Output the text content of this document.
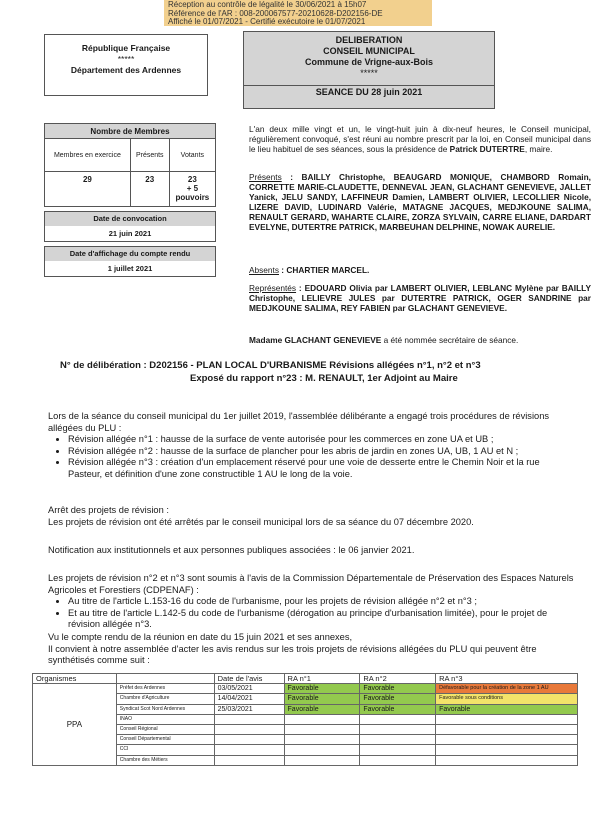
Réception au contrôle de légalité le 30/06/2021 à 15h07
Référence de l'AR : 008-200067577-20210628-D202156-DE
Affiché le 01/07/2021 - Certifié exécutoire le 01/07/2021
République Française
*****
Département des Ardennes
DELIBERATION
CONSEIL MUNICIPAL
Commune de Vrigne-aux-Bois
*****
SEANCE DU 28 juin 2021
Nombre de Membres		
Membres en exercice	Présents	Votants
29	23	23
+ 5
pouvoirs
Date de convocation
21 juin 2021
Date d'affichage du compte rendu
1 juillet 2021
L'an deux mille vingt et un, le vingt-huit juin à dix-neuf heures, le Conseil municipal, régulièrement convoqué, s'est réuni au nombre prescrit par la loi, en Conseil municipal dans le lieu habituel de ses séances, sous la présidence de Patrick DUTERTRE, maire.
Présents : BAILLY Christophe, BEAUGARD MONIQUE, CHAMBORD Romain, CORRETTE MARIE-CLAUDETTE, DENNEVAL JEAN, GLACHANT GENEVIEVE, JALLET Yanick, JELU SANDY, LAFFINEUR Damien, LAMBERT OLIVIER, LECOLLIER Nicole, LIZERE DAVID, LUDINARD Valérie, MATAGNE JACQUES, MEDJKOUNE SALIMA, RENAULT GERARD, WAHARTE CLAIRE, ZORZA SYLVAIN, CARRE ELIANE, DARDART EVELYNE, DUTERTRE PATRICK, MARBEUHAN DELPHINE, NOWAK AURELIE.
Absents : CHARTIER MARCEL.
Représentés : EDOUARD Olivia par LAMBERT OLIVIER, LEBLANC Mylène par BAILLY Christophe, LELIEVRE JULES par DUTERTRE PATRICK, OGER SANDRINE par MEDJKOUNE SALIMA, REY FABIEN par GLACHANT GENEVIEVE.
Madame GLACHANT GENEVIEVE a été nommée secrétaire de séance.
N° de délibération : D202156 - PLAN LOCAL D'URBANISME Révisions allégées n°1, n°2 et n°3
Exposé du rapport n°23 : M. RENAULT, 1er Adjoint au Maire
Lors de la séance du conseil municipal du 1er juillet 2019, l'assemblée délibérante a engagé trois procédures de révisions allégées du PLU :
• Révision allégée n°1 : hausse de la surface de vente autorisée pour les commerces en zone UA et UB ;
• Révision allégée n°2 : hausse de la surface de plancher pour les abris de jardin en zones UA, UB, 1 AU et N ;
• Révision allégée n°3 : création d'un emplacement réservé pour une voie de desserte entre le Chemin Noir et la rue Pasteur, et définition d'une zone constructible 1 AU le long de la voie.
Arrêt des projets de révision :
Les projets de révision ont été arrêtés par le conseil municipal lors de sa séance du 07 décembre 2020.
Notification aux institutionnels et aux personnes publiques associées : le 06 janvier 2021.
Les projets de révision n°2 et n°3 sont soumis à l'avis de la Commission Départementale de Préservation des Espaces Naturels Agricoles et Forestiers (CDPENAF) :
• Au titre de l'article L.153-16 du code de l'urbanisme, pour les projets de révision allégée n°2 et n°3 ;
• Et au titre de l'article L.142-5 du code de l'urbanisme (dérogation au principe d'urbanisation limitée), pour le projet de révision allégée n°3.
Vu le compte rendu de la réunion en date du 15 juin 2021 et ses annexes,
Il convient à notre assemblée d'acter les avis rendus sur les trois projets de révisions allégées du PLU qui peuvent être synthétisés comme suit :
Organismes		Date de l'avis	RA n°1	RA n°2	RA n°3
PPA	Préfet des Ardennes	03/05/2021	Favorable	Favorable	Défavorable pour la création de la zone 1 AU
	Chambre d'Agriculture	14/04/2021	Favorable	Favorable	Favorable sous conditions
	Syndicat Scot Nord Ardennes	25/03/2021	Favorable	Favorable	Favorable
	INAO				
	Conseil Régional				
	Conseil Départemental				
	CCI				
	Chambre des Métiers				
